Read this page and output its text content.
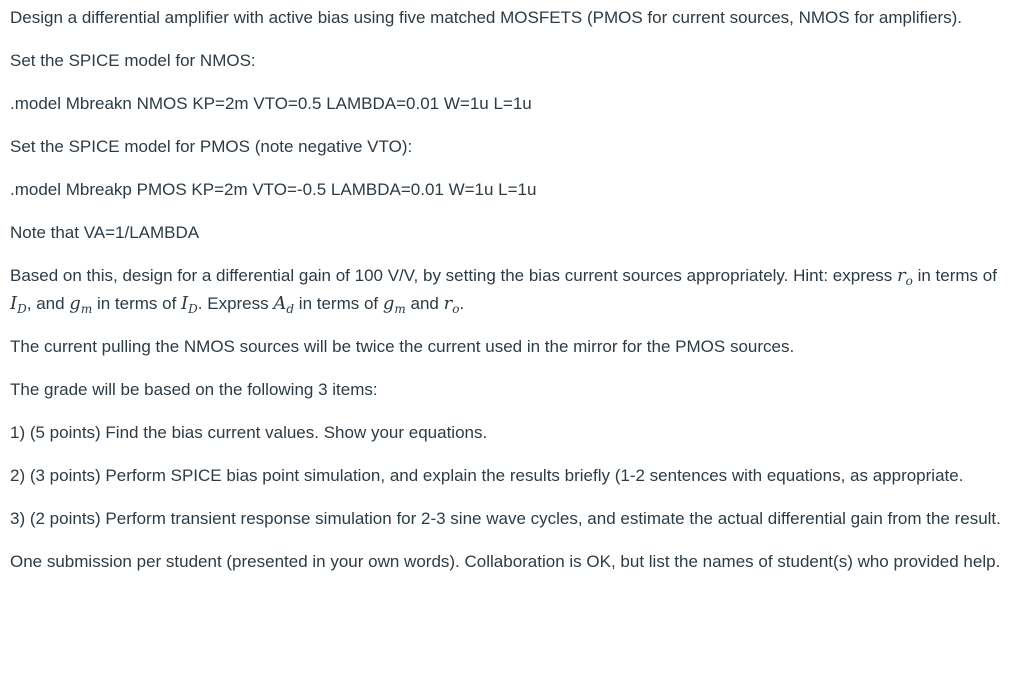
Design a differential amplifier with active bias using five matched MOSFETS (PMOS for current sources, NMOS for amplifiers).

Set the SPICE model for NMOS:

.model Mbreakn NMOS KP=2m VTO=0.5 LAMBDA=0.01 W=1u L=1u

Set the SPICE model for PMOS (note negative VTO):

.model Mbreakp PMOS KP=2m VTO=-0.5 LAMBDA=0.01 W=1u L=1u

Note that VA=1/LAMBDA

Based on this, design for a differential gain of 100 V/V, by setting the bias current sources appropriately. Hint: express $r_o$ in terms of $I_D$, and $g_m$ in terms of $I_D$. Express $A_d$ in terms of $g_m$ and $r_o$.

The current pulling the NMOS sources will be twice the current used in the mirror for the PMOS sources.

The grade will be based on the following 3 items:

1) (5 points) Find the bias current values. Show your equations.

2) (3 points) Perform SPICE bias point simulation, and explain the results briefly (1-2 sentences with equations, as appropriate.

3) (2 points) Perform transient response simulation for 2-3 sine wave cycles, and estimate the actual differential gain from the result.

One submission per student (presented in your own words). Collaboration is OK, but list the names of student(s) who provided help.
